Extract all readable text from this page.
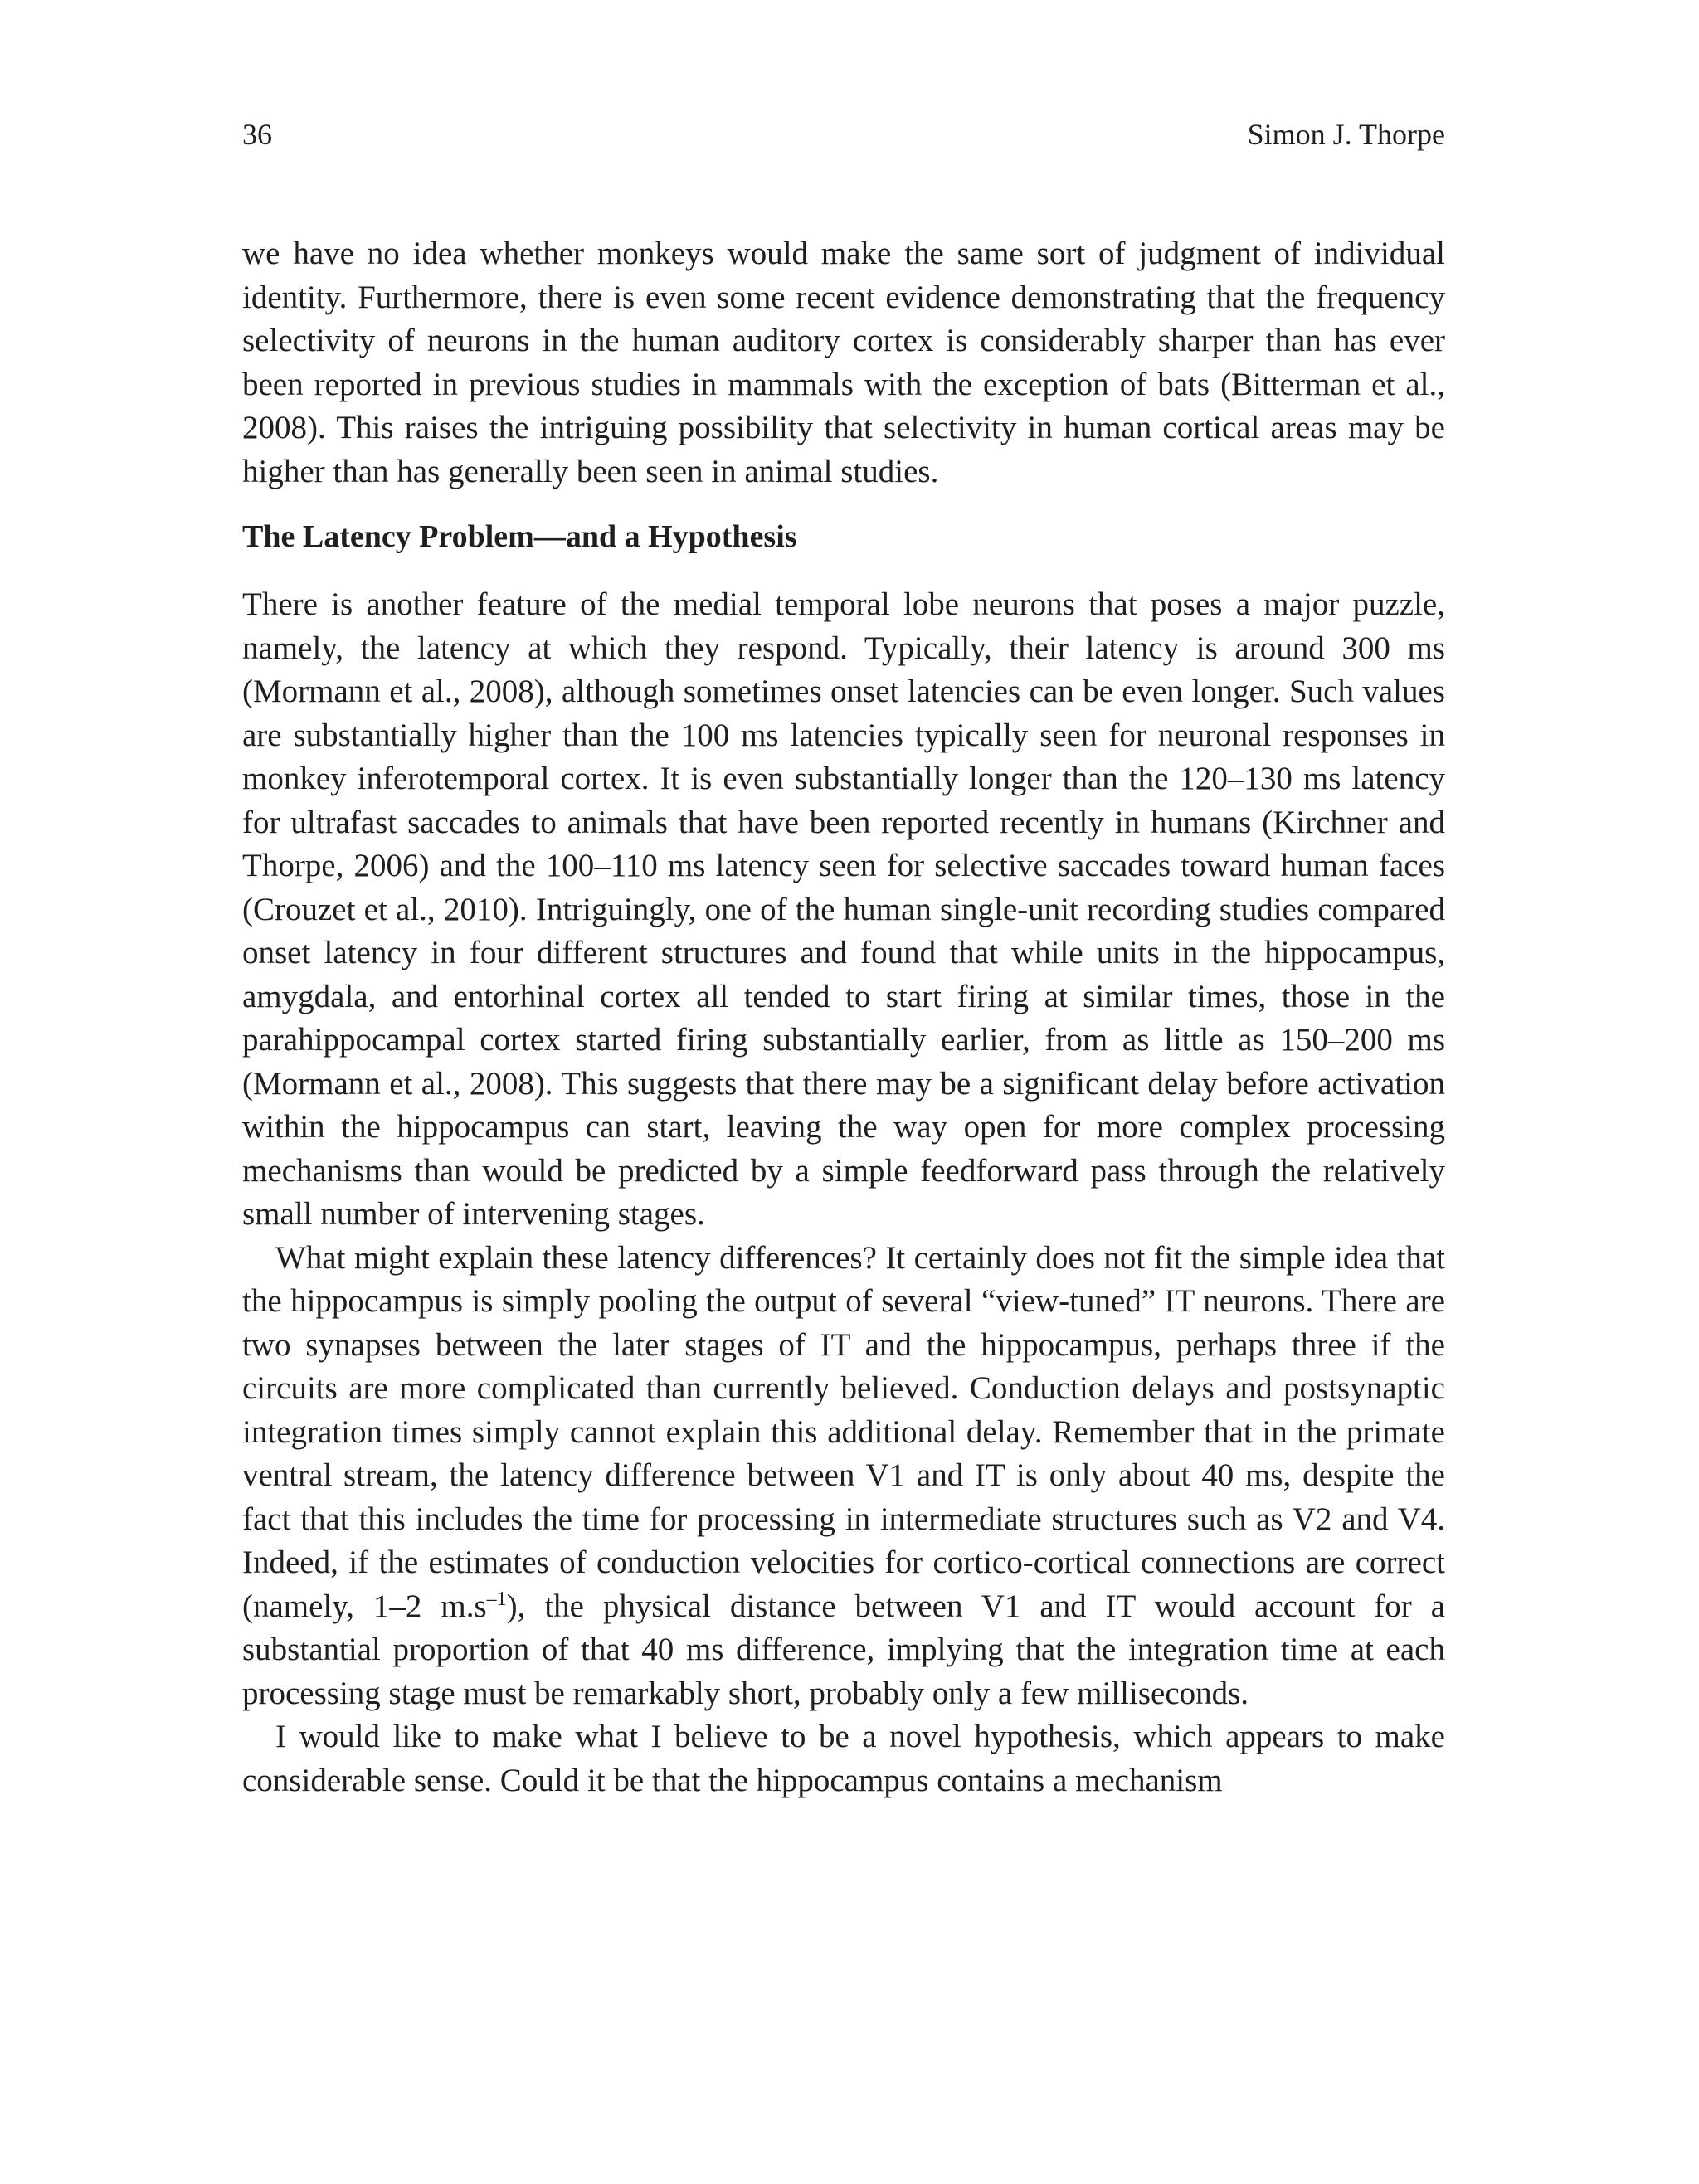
36	Simon J. Thorpe

we have no idea whether monkeys would make the same sort of judgment of individual identity. Furthermore, there is even some recent evidence demonstrating that the frequency selectivity of neurons in the human auditory cortex is considerably sharper than has ever been reported in previous studies in mammals with the exception of bats (Bitterman et al., 2008). This raises the intriguing possibility that selectivity in human cortical areas may be higher than has generally been seen in animal studies.

The Latency Problem—and a Hypothesis

There is another feature of the medial temporal lobe neurons that poses a major puzzle, namely, the latency at which they respond. Typically, their latency is around 300 ms (Mormann et al., 2008), although sometimes onset latencies can be even longer. Such values are substantially higher than the 100 ms latencies typically seen for neuronal responses in monkey inferotemporal cortex. It is even substantially longer than the 120–130 ms latency for ultrafast saccades to animals that have been reported recently in humans (Kirchner and Thorpe, 2006) and the 100–110 ms latency seen for selective saccades toward human faces (Crouzet et al., 2010). Intriguingly, one of the human single-unit recording studies compared onset latency in four different structures and found that while units in the hippocampus, amygdala, and entorhinal cortex all tended to start firing at similar times, those in the parahippocampal cortex started firing substantially earlier, from as little as 150–200 ms (Mormann et al., 2008). This suggests that there may be a significant delay before activation within the hippocampus can start, leaving the way open for more complex processing mechanisms than would be predicted by a simple feedforward pass through the relatively small number of intervening stages.

What might explain these latency differences? It certainly does not fit the simple idea that the hippocampus is simply pooling the output of several “view-tuned” IT neurons. There are two synapses between the later stages of IT and the hippocampus, perhaps three if the circuits are more complicated than currently believed. Conduction delays and postsynaptic integration times simply cannot explain this additional delay. Remember that in the primate ventral stream, the latency difference between V1 and IT is only about 40 ms, despite the fact that this includes the time for processing in intermediate structures such as V2 and V4. Indeed, if the estimates of conduction velocities for cortico-cortical connections are correct (namely, 1–2 $m.s^{-1}$), the physical distance between V1 and IT would account for a substantial proportion of that 40 ms difference, implying that the integration time at each processing stage must be remarkably short, probably only a few milliseconds.

I would like to make what I believe to be a novel hypothesis, which appears to make considerable sense. Could it be that the hippocampus contains a mechanism
